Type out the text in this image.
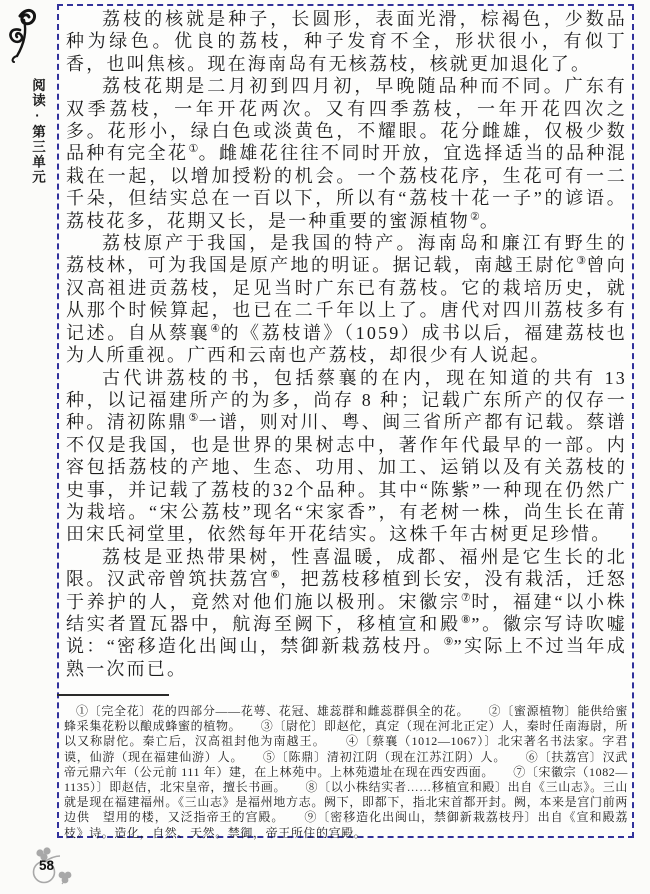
阅读·第三单元

荔枝的核就是种子，长圆形，表面光滑，棕褐色，少数品种为绿色。优良的荔枝，种子发育不全，形状很小，有似丁香，也叫焦核。现在海南岛有无核荔枝，核就更加退化了。

荔枝花期是二月初到四月初，早晚随品种而不同。广东有双季荔枝，一年开花两次。又有四季荔枝，一年开花四次之多。花形小，绿白色或淡黄色，不耀眼。花分雌雄，仅极少数品种有完全花①。雌雄花往往不同时开放，宜选择适当的品种混栽在一起，以增加授粉的机会。一个荔枝花序，生花可有一二千朵，但结实总在一百以下，所以有“荔枝十花一子”的谚语。荔枝花多，花期又长，是一种重要的蜜源植物②。

荔枝原产于我国，是我国的特产。海南岛和廉江有野生的荔枝林，可为我国是原产地的明证。据记载，南越王尉佗③曾向汉高祖进贡荔枝，足见当时广东已有荔枝。它的栽培历史，就从那个时候算起，也已在二千年以上了。唐代对四川荔枝多有记述。自从蔡襄④的《荔枝谱》（1059）成书以后，福建荔枝也为人所重视。广西和云南也产荔枝，却很少有人说起。

古代讲荔枝的书，包括蔡襄的在内，现在知道的共有 13 种，以记福建所产的为多，尚存 8 种；记载广东所产的仅存一种。清初陈鼎⑤一谱，则对川、粤、闽三省所产都有记载。蔡谱不仅是我国，也是世界的果树志中，著作年代最早的一部。内容包括荔枝的产地、生态、功用、加工、运销以及有关荔枝的史事，并记载了荔枝的32个品种。其中“陈紫”一种现在仍然广为栽培。“宋公荔枝”现名“宋家香”，有老树一株，尚生长在莆田宋氏祠堂里，依然每年开花结实。这株千年古树更足珍惜。

荔枝是亚热带果树，性喜温暖，成都、福州是它生长的北限。汉武帝曾筑扶荔宫⑥，把荔枝移植到长安，没有栽活，迁怒于养护的人，竟然对他们施以极刑。宋徽宗⑦时，福建“以小株结实者置瓦器中，航海至阙下，移植宣和殿⑧”。徽宗写诗吹嘘说：“密移造化出闽山，禁御新栽荔枝丹。⑨”实际上不过当年成熟一次而已。

①〔完全花〕花的四部分——花萼、花冠、雄蕊群和雌蕊群俱全的花。　　 ②〔蜜源植物〕能供给蜜蜂采集花粉以酿成蜂蜜的植物。　　 ③〔尉佗〕即赵佗，真定（现在河北正定）人，秦时任南海尉，所以又称尉佗。秦亡后，汉高祖封他为南越王。　　 ④〔蔡襄（1012—1067）〕北宋著名书法家。字君谟，仙游（现在福建仙游）人。　　 ⑤〔陈鼎〕清初江阴（现在江苏江阴）人。　　 ⑥〔扶荔宫〕汉武帝元鼎六年（公元前 111 年）建，在上林苑中。上林苑遗址在现在西安西面。　　 ⑦〔宋徽宗（1082—1135）〕即赵佶，北宋皇帝，擅长书画。　　 ⑧〔以小株结实者……移植宣和殿〕出自《三山志》。三山就是现在福建福州。《三山志》是福州地方志。阙下，即都下，指北宋首都开封。阙，本来是宫门前两边供　望用的楼，又泛指帝王的宫殿。　　 ⑨〔密移造化出闽山，禁御新栽荔枝丹〕出自《宣和殿荔枝》诗。造化，自然、天然。禁御，帝王所住的宫殿。
58
